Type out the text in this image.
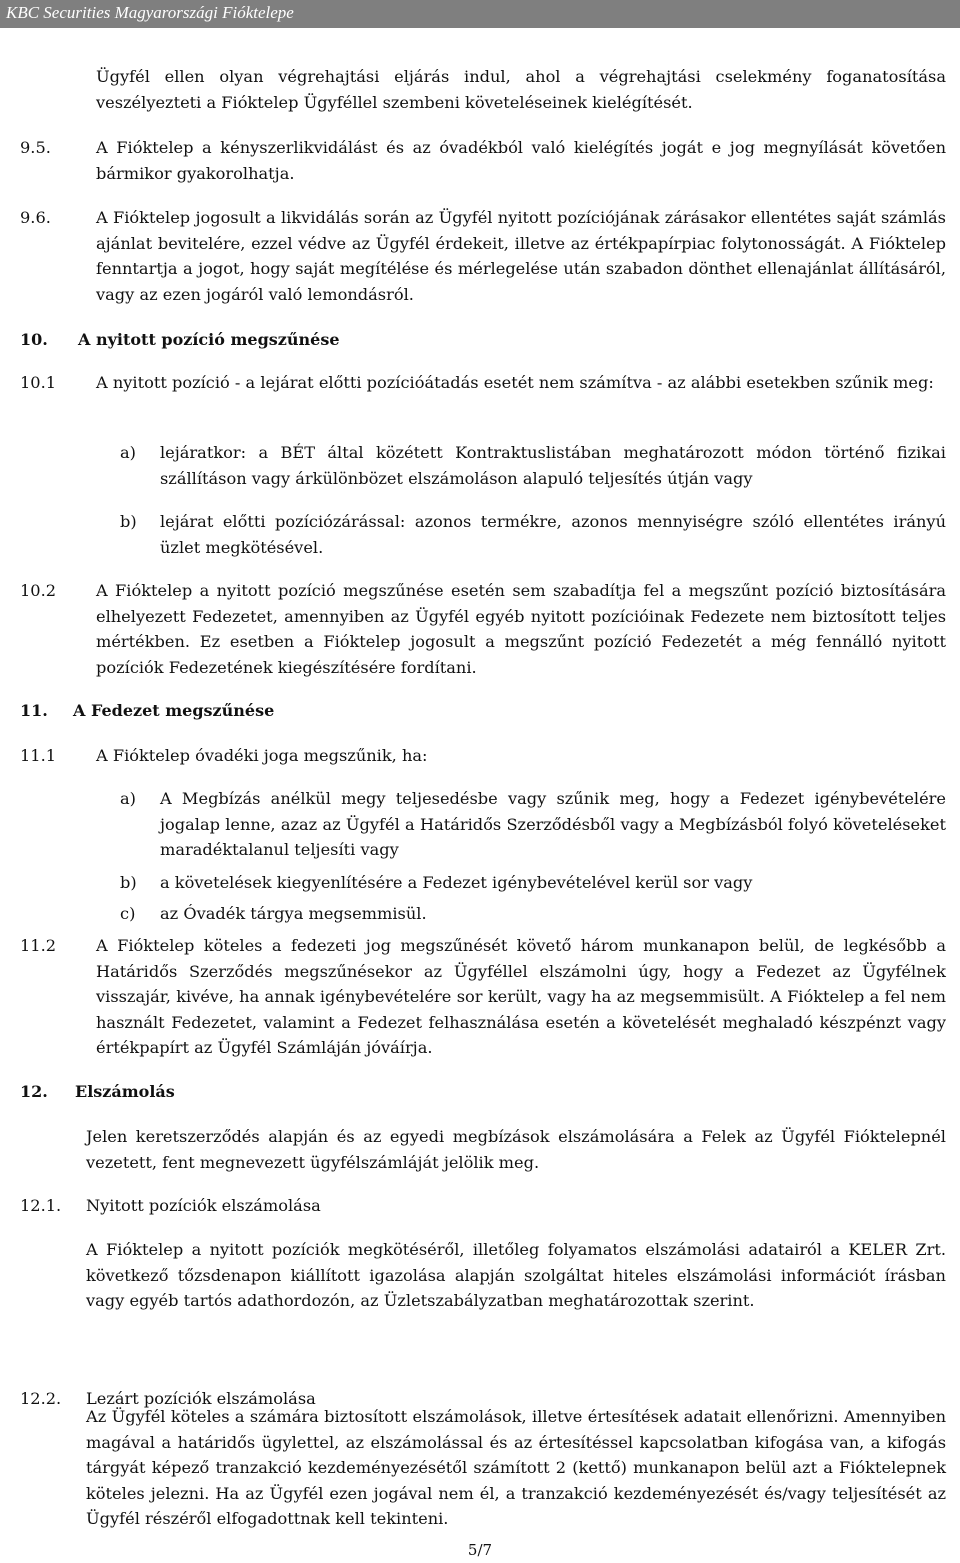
KBC Securities Magyarországi Fióktelepe

Ügyfél ellen olyan végrehajtási eljárás indul, ahol a végrehajtási cselekmény foganatosítása veszélyezteti a Fióktelep Ügyféllel szembeni követeléseinek kielégítését.

9.5.	A Fióktelep a kényszerlikvidálást és az óvadékból való kielégítés jogát e jog megnyílását követően bármikor gyakorolhatja.

9.6.	A Fióktelep jogosult a likvidálás során az Ügyfél nyitott pozíciójának zárásakor ellentétes saját számlás ajánlat bevitelére, ezzel védve az Ügyfél érdekeit, illetve az értékpapírpiac folytonosságát. A Fióktelep fenntartja a jogot, hogy saját megítélése és mérlegelése után szabadon dönthet ellenajánlat állításáról, vagy az ezen jogáról való lemondásról.

10. A nyitott pozíció megszűnése
10.1 A nyitott pozíció - a lejárat előtti pozícióátadás esetét nem számítva - az alábbi esetekben szűnik meg:

a) lejáratkor: a BÉT által közétett Kontraktuslistában meghatározott módon történő fizikai szállításon vagy árkülönbözet elszámoláson alapuló teljesítés útján vagy

b) lejárat előtti pozíciózárással: azonos termékre, azonos mennyiségre szóló ellentétes irányú üzlet megkötésével.

10.2 A Fióktelep a nyitott pozíció megszűnése esetén sem szabadítja fel a megszűnt pozíció biztosítására elhelyezett Fedezetet, amennyiben az Ügyfél egyéb nyitott pozícióinak Fedezete nem biztosított teljes mértékben. Ez esetben a Fióktelep jogosult a megszűnt pozíció Fedezetét a még fennálló nyitott pozíciók Fedezetének kiegészítésére fordítani.

11. A Fedezet megszűnése
11.1 A Fióktelep óvadéki joga megszűnik, ha:

a) A Megbízás anélkül megy teljesedésbe vagy szűnik meg, hogy a Fedezet igénybevételére jogalap lenne, azaz az Ügyfél a Határidős Szerződésből vagy a Megbízásból folyó követeléseket maradéktalanul teljesíti vagy

b) a követelések kiegyenlítésére a Fedezet igénybevételével kerül sor vagy

c) az Óvadék tárgya megsemmisül.

11.2 A Fióktelep köteles a fedezeti jog megszűnését követő három munkanapon belül, de legkésőbb a Határidős Szerződés megszűnésekor az Ügyféllel elszámolni úgy, hogy a Fedezet az Ügyfélnek visszajár, kivéve, ha annak igénybevételére sor került, vagy ha az megsemmisült. A Fióktelep a fel nem használt Fedezetet, valamint a Fedezet felhasználása esetén a követelését meghaladó készpénzt vagy értékpapírt az Ügyfél Számláján jóváírja.

12. Elszámolás

Jelen keretszerződés alapján és az egyedi megbízások elszámolására a Felek az Ügyfél Fióktelepnél vezetett, fent megnevezett ügyfélszámláját jelölik meg.

12.1. Nyitott pozíciók elszámolása

A Fióktelep a nyitott pozíciók megkötéséről, illetőleg folyamatos elszámolási adatairól a KELER Zrt. következő tőzsdenapon kiállított igazolása alapján szolgáltat hiteles elszámolási információt írásban vagy egyéb tartós adathordozón, az Üzletszabályzatban meghatározottak szerint.

12.2. Lezárt pozíciók elszámolása

Az Ügyfél köteles a számára biztosított elszámolások, illetve értesítések adatait ellenőrizni. Amennyiben magával a határidős ügylettel, az elszámolással és az értesítéssel kapcsolatban kifogása van, a kifogás tárgyát képező tranzakció kezdeményezésétől számított 2 (kettő) munkanapon belül azt a Fióktelepnek köteles jelezni. Ha az Ügyfél ezen jogával nem él, a tranzakció kezdeményezését és/vagy teljesítését az Ügyfél részéről elfogadottnak kell tekinteni.

5/7
